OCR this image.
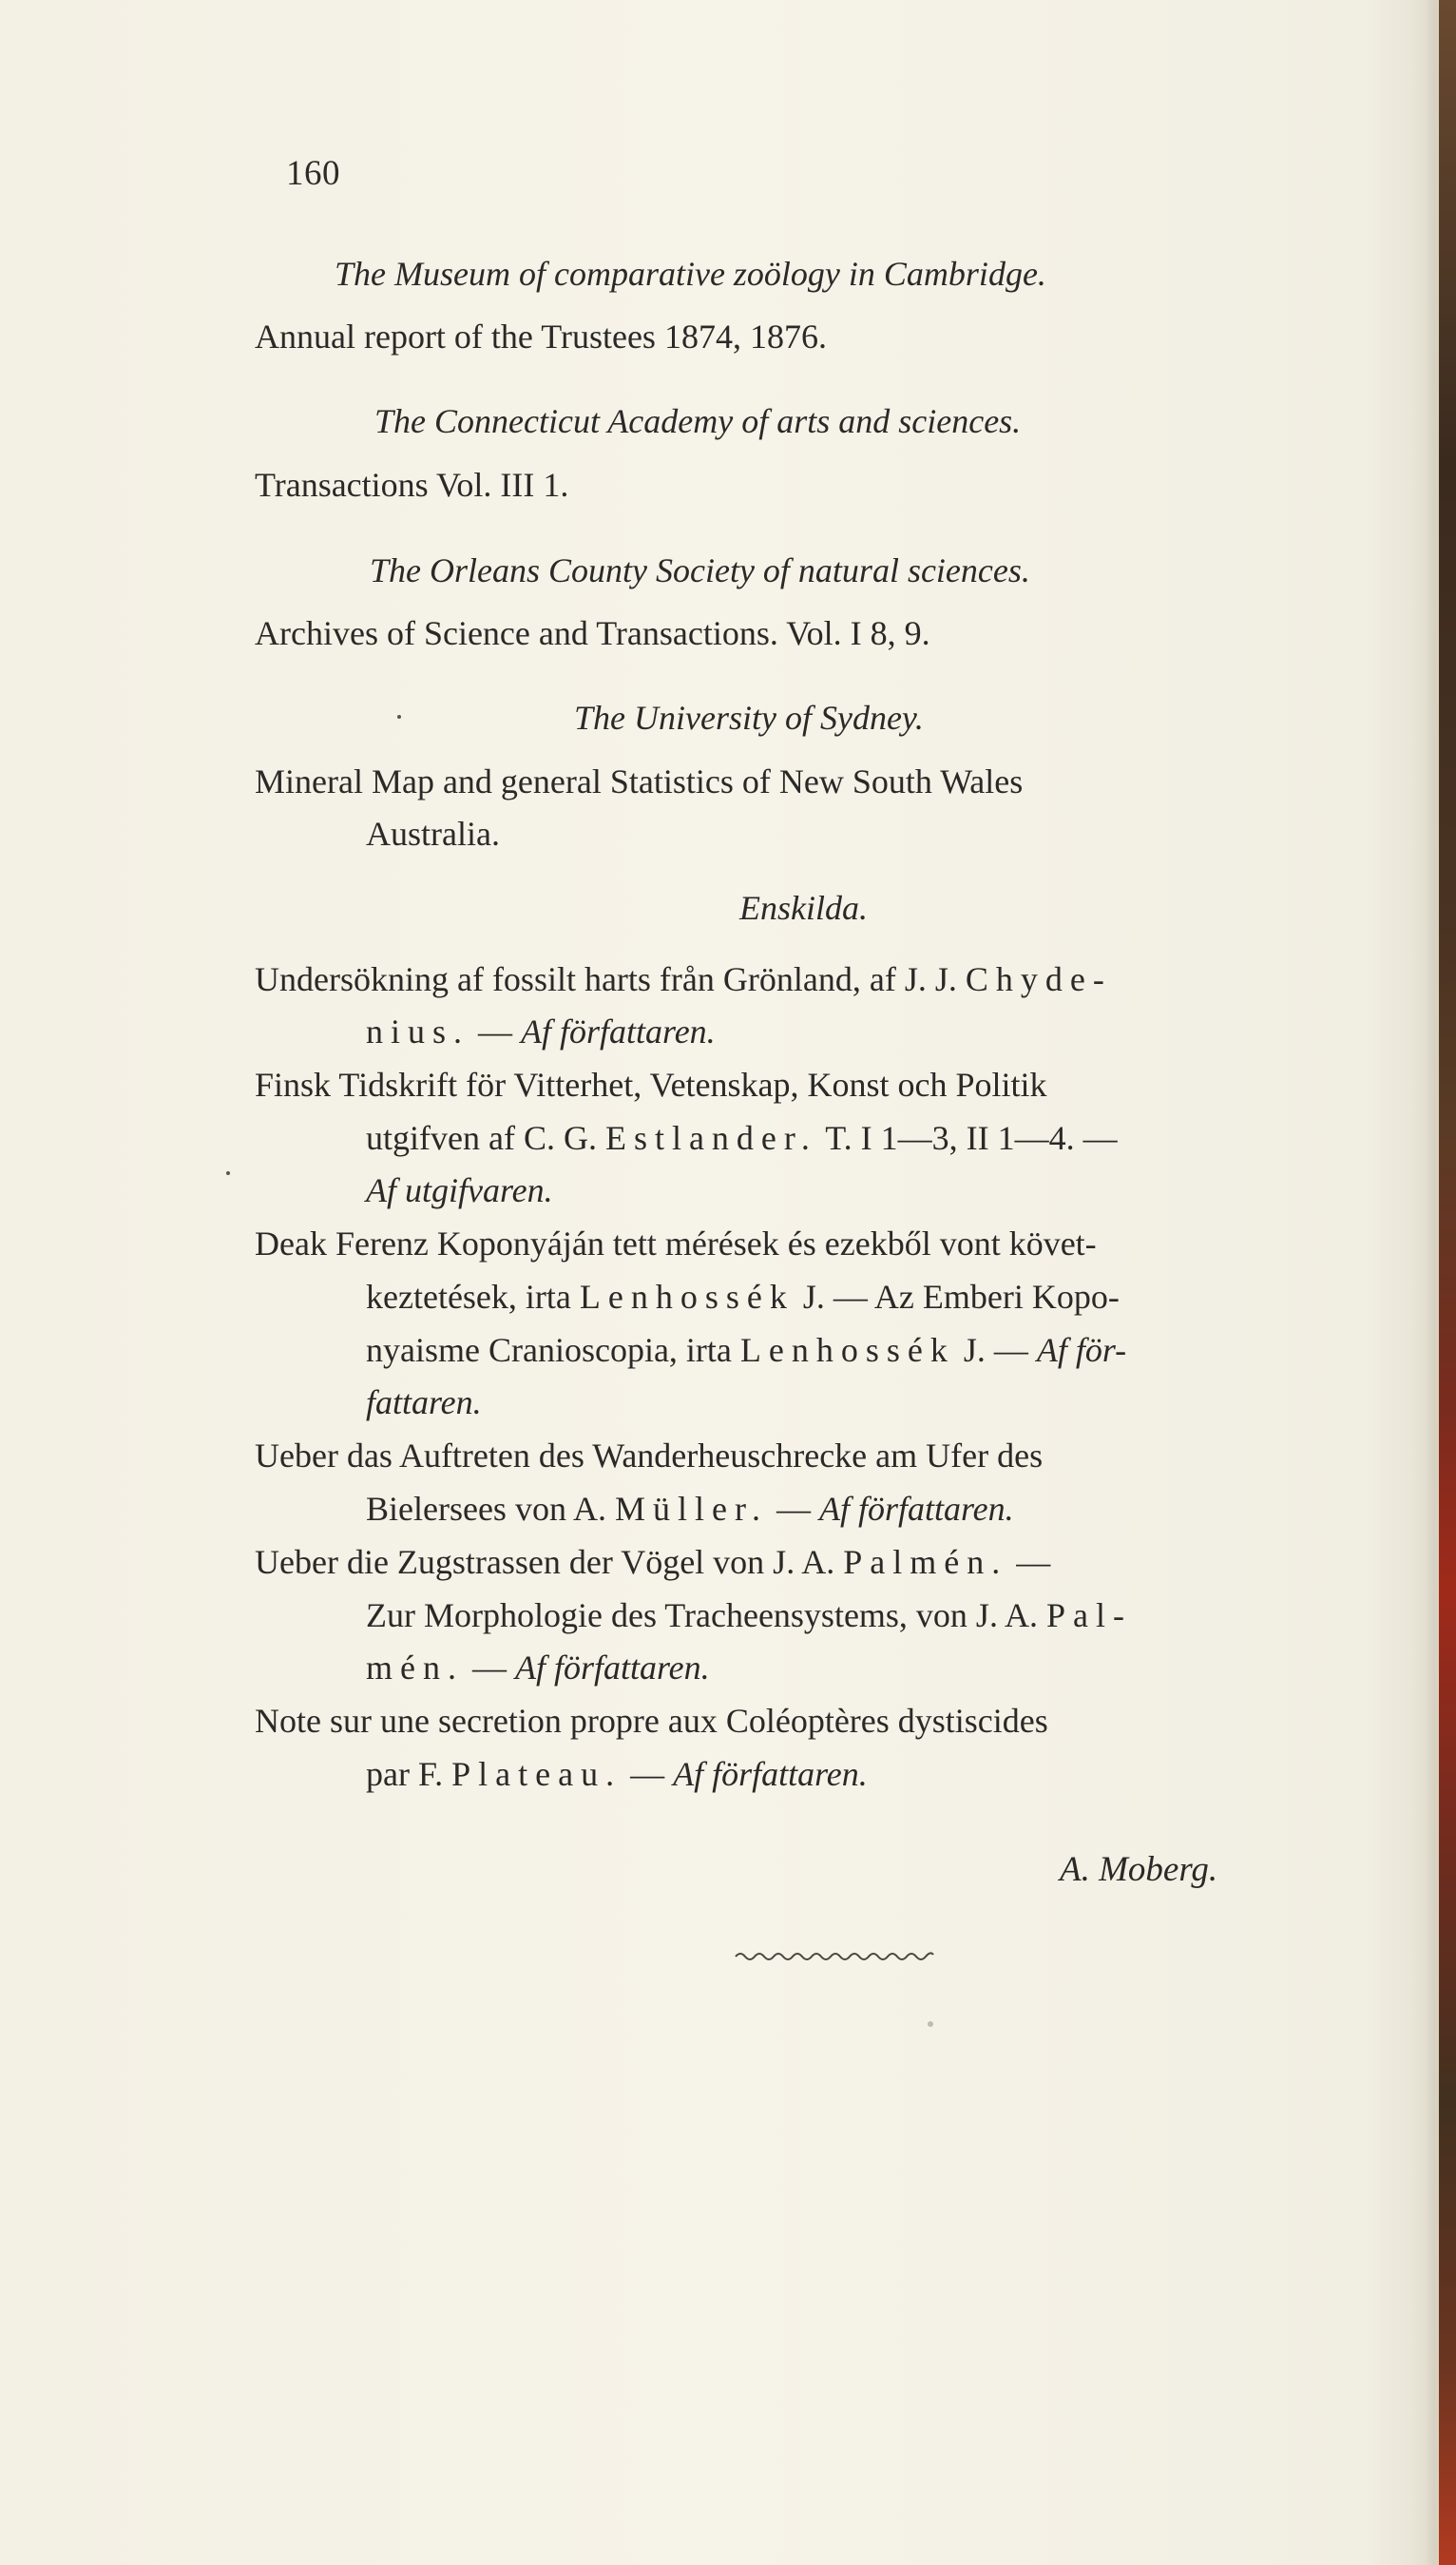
160
The Museum of comparative zoölogy in Cambridge.
Annual report of the Trustees 1874, 1876.
The Connecticut Academy of arts and sciences.
Transactions Vol. III 1.
The Orleans County Society of natural sciences.
Archives of Science and Transactions. Vol. I 8, 9.
The University of Sydney.
Mineral Map and general Statistics of New South Wales
Australia.
Enskilda.
Undersökning af fossilt harts från Grönland, af J. J. Chyde-
nius. — Af författaren.
Finsk Tidskrift för Vitterhet, Vetenskap, Konst och Politik
utgifven af C. G. Estlander. T. I 1—3, II 1—4. —
Af utgifvaren.
Deak Ferenz Koponyáján tett mérések és ezekből vont követ-
keztetések, irta Lenhossék J. — Az Emberi Kopo-
nyaisme Cranioscopia, irta Lenhossék J. — Af för-
fattaren.
Ueber das Auftreten des Wanderheuschrecke am Ufer des
Bielersees von A. Müller. — Af författaren.
Ueber die Zugstrassen der Vögel von J. A. Palmén. —
Zur Morphologie des Tracheensystems, von J. A. Pal-
mén. — Af författaren.
Note sur une secretion propre aux Coléoptères dystiscides
par F. Plateau. — Af författaren.
A. Moberg.
